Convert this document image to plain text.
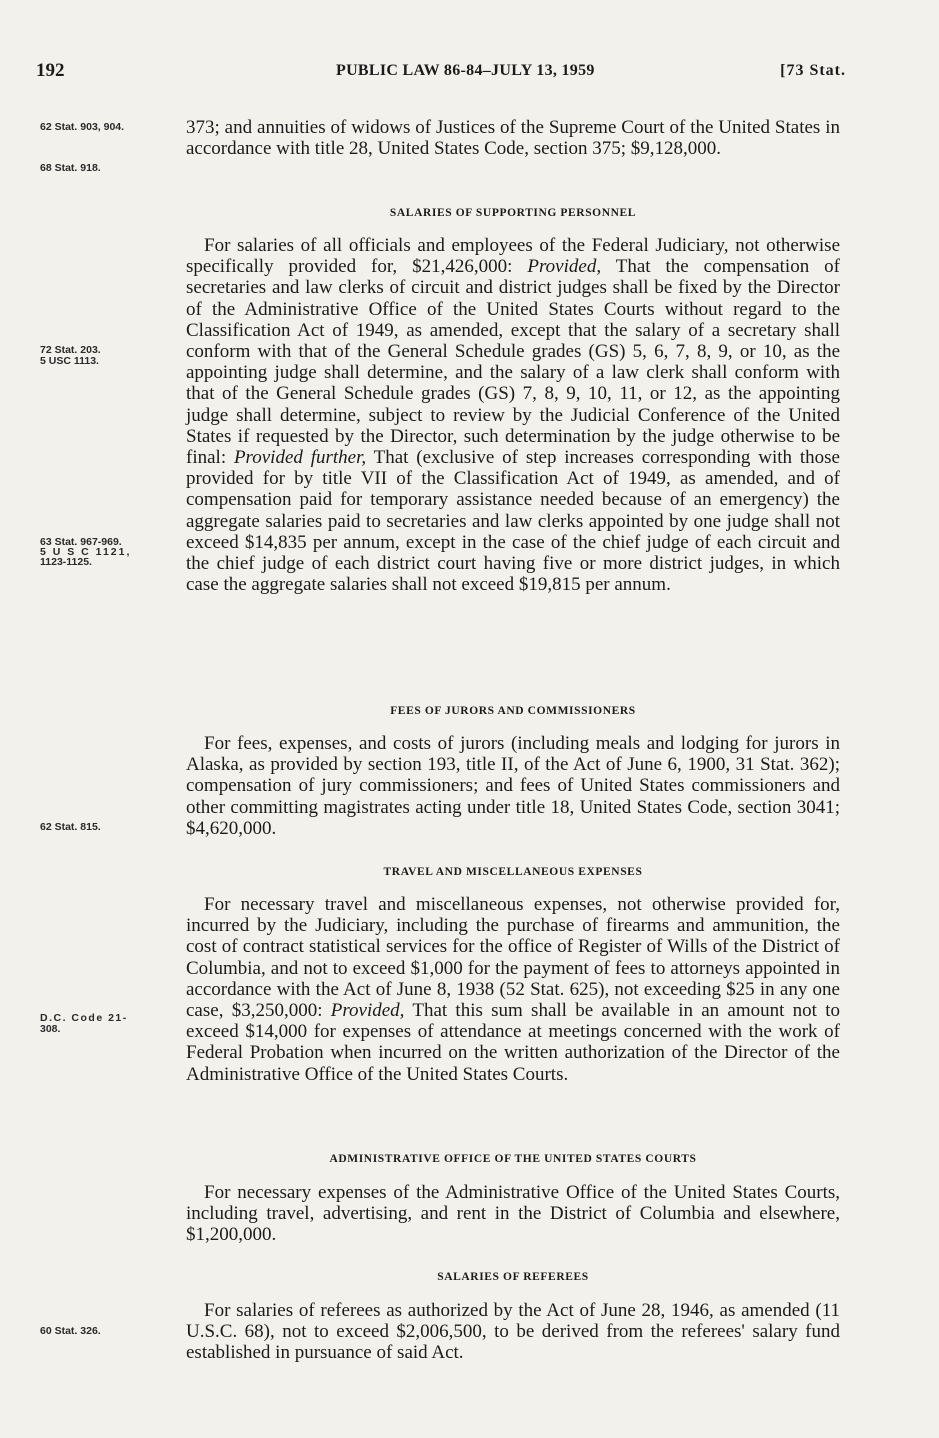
192	PUBLIC LAW 86-84–JULY 13, 1959	[73 Stat.
62 Stat. 903, 904.
68 Stat. 918.
72 Stat. 203.
5 USC 1113.
63 Stat. 967-969.
5 U S C 1121,
1123-1125.
62 Stat. 815.
D.C. Code 21-
308.
60 Stat. 326.
373; and annuities of widows of Justices of the Supreme Court of the United States in accordance with title 28, United States Code, section 375; $9,128,000.
SALARIES OF SUPPORTING PERSONNEL
For salaries of all officials and employees of the Federal Judiciary, not otherwise specifically provided for, $21,426,000: Provided, That the compensation of secretaries and law clerks of circuit and district judges shall be fixed by the Director of the Administrative Office of the United States Courts without regard to the Classification Act of 1949, as amended, except that the salary of a secretary shall conform with that of the General Schedule grades (GS) 5, 6, 7, 8, 9, or 10, as the appointing judge shall determine, and the salary of a law clerk shall conform with that of the General Schedule grades (GS) 7, 8, 9, 10, 11, or 12, as the appointing judge shall determine, subject to review by the Judicial Conference of the United States if requested by the Director, such determination by the judge otherwise to be final: Provided further, That (exclusive of step increases corresponding with those provided for by title VII of the Classification Act of 1949, as amended, and of compensation paid for temporary assistance needed because of an emergency) the aggregate salaries paid to secretaries and law clerks appointed by one judge shall not exceed $14,835 per annum, except in the case of the chief judge of each circuit and the chief judge of each district court having five or more district judges, in which case the aggregate salaries shall not exceed $19,815 per annum.
FEES OF JURORS AND COMMISSIONERS
For fees, expenses, and costs of jurors (including meals and lodging for jurors in Alaska, as provided by section 193, title II, of the Act of June 6, 1900, 31 Stat. 362); compensation of jury commissioners; and fees of United States commissioners and other committing magistrates acting under title 18, United States Code, section 3041; $4,620,000.
TRAVEL AND MISCELLANEOUS EXPENSES
For necessary travel and miscellaneous expenses, not otherwise provided for, incurred by the Judiciary, including the purchase of firearms and ammunition, the cost of contract statistical services for the office of Register of Wills of the District of Columbia, and not to exceed $1,000 for the payment of fees to attorneys appointed in accordance with the Act of June 8, 1938 (52 Stat. 625), not exceeding $25 in any one case, $3,250,000: Provided, That this sum shall be available in an amount not to exceed $14,000 for expenses of attendance at meetings concerned with the work of Federal Probation when incurred on the written authorization of the Director of the Administrative Office of the United States Courts.
ADMINISTRATIVE OFFICE OF THE UNITED STATES COURTS
For necessary expenses of the Administrative Office of the United States Courts, including travel, advertising, and rent in the District of Columbia and elsewhere, $1,200,000.
SALARIES OF REFEREES
For salaries of referees as authorized by the Act of June 28, 1946, as amended (11 U.S.C. 68), not to exceed $2,006,500, to be derived from the referees' salary fund established in pursuance of said Act.
